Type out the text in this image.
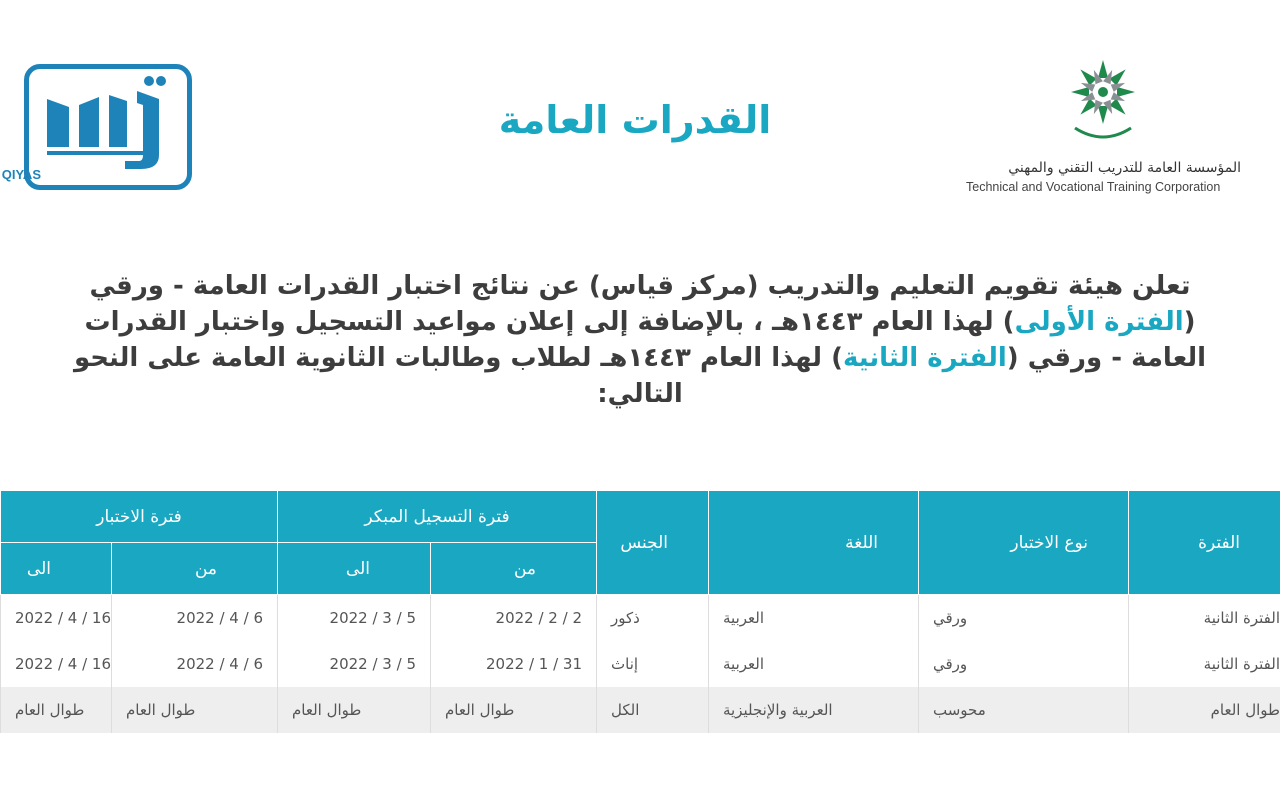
QIYAS
القدرات العامة
المؤسسة العامة للتدريب التقني والمهني
Technical and Vocational Training Corporation

تعلن هيئة تقويم التعليم والتدريب (مركز قياس) عن نتائج اختبار القدرات العامة - ورقي (الفترة الأولى) لهذا العام ١٤٤٣هـ ، بالإضافة إلى إعلان مواعيد التسجيل واختبار القدرات العامة - ورقي (الفترة الثانية) لهذا العام ١٤٤٣هـ لطلاب وطالبات الثانوية العامة على النحو التالي:

الفترة	نوع الاختبار	اللغة	الجنس	فترة التسجيل المبكر		فترة الاختبار	
				من	الى	من	الى
الفترة الثانية	ورقي	العربية	ذكور	2022 / 2 / 2	2022 / 3 / 5	2022 / 4 / 6	2022 / 4 / 16
الفترة الثانية	ورقي	العربية	إناث	2022 / 1 / 31	2022 / 3 / 5	2022 / 4 / 6	2022 / 4 / 16
طوال العام	محوسب	العربية والإنجليزية	الكل	طوال العام	طوال العام	طوال العام	طوال العام
